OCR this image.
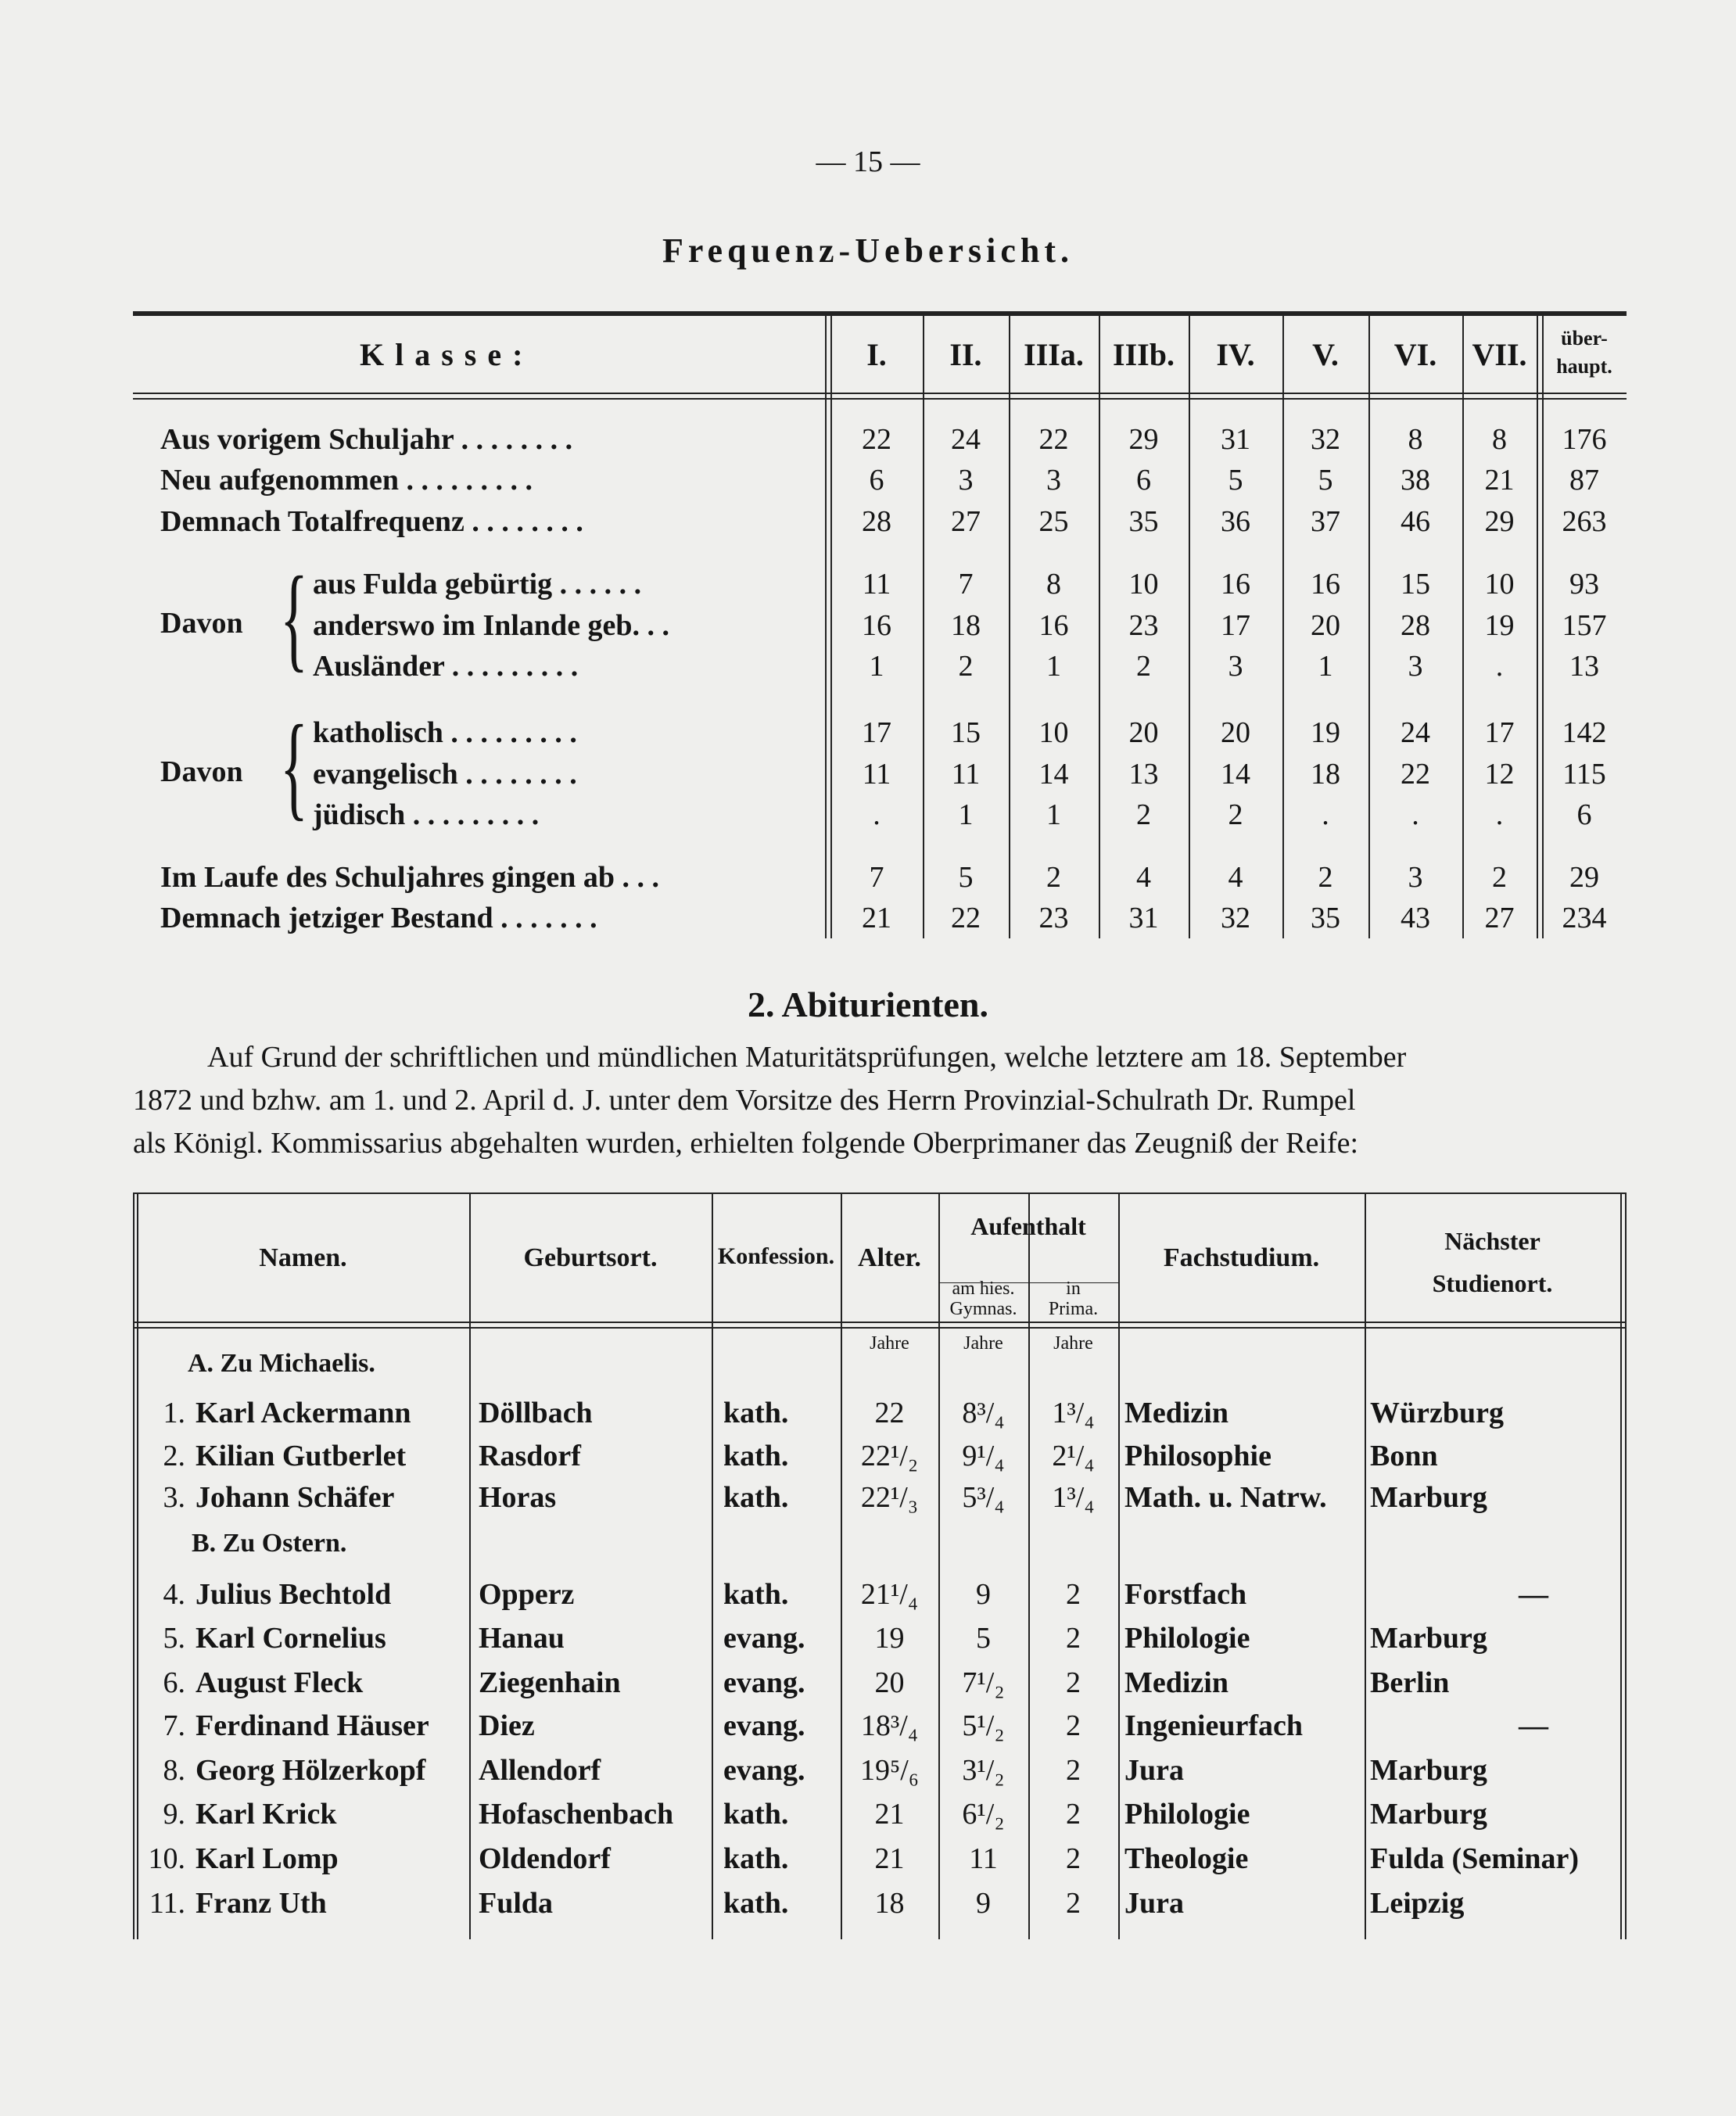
— 15 —
Frequenz-Uebersicht.
Klasse:
Davon {
Davon {
I.	II.	IIIa. IIIb.	IV.	V.	VI.	VII.	über-
haupt.
Aus vorigem Schuljahr . . . . . . . .	22	24	22	29	31	32	8	8	176
Neu aufgenommen . . . . . . . . .	6	3	3	6	5	5	38	21	87
Demnach Totalfrequenz . . . . . . . .	28	27	25	35	36	37	46	29	263
aus Fulda gebürtig . . . . . .	11	7	8	10	16	16	15	10	93
anderswo im Inlande geb. . .	16	18	16	23	17	20	28	19	157
Ausländer . . . . . . . . .	1	2	1	2	3	1	3	.	13
katholisch . . . . . . . . .	17	15	10	20	20	19	24	17	142
evangelisch . . . . . . . .	11	11	14	13	14	18	22	12	115
jüdisch . . . . . . . . .	.	1	1	2	2	.	.	.	6
Im Laufe des Schuljahres gingen ab . . .	7	5	2	4	4	2	3	2	29
Demnach jetziger Bestand . . . . . . .	21	22	23	31	32	35	43	27	234
2. Abiturienten.
Auf Grund der schriftlichen und mündlichen Maturitätsprüfungen, welche letztere am 18. September
1872 und bzhw. am 1. und 2. April d. J. unter dem Vorsitze des Herrn Provinzial-Schulrath Dr. Rumpel
als Königl. Kommissarius abgehalten wurden, erhielten folgende Oberprimaner das Zeugniß der Reife:
Namen.	Geburtsort.	Konfession. Alter.
Aufenthalt
am hies.
Gymnas.
in
Prima.
Fachstudium.
Nächster
Studienort.
Jahre	Jahre	Jahre
A. Zu Michaelis.
B. Zu Ostern.
1. Karl Ackermann Döllbach	kath.	22	8³/₄	1³/₄	Medizin	Würzburg
2. Kilian Gutberlet Rasdorf	kath.	22¹/₂	9¹/₄	2¹/₄	Philosophie	Bonn
3. Johann Schäfer	Horas	kath.	22¹/₃	5³/₄	1³/₄	Math. u. Natrw. Marburg
4. Julius Bechtold	Opperz	kath.	21¹/₄	9	2	Forstfach	—
5. Karl Cornelius	Hanau	evang.	19	5	2	Philologie	Marburg
6. August Fleck	Ziegenhain	evang.	20	7¹/₂	2	Medizin	Berlin
7. Ferdinand Häuser Diez	evang.	18³/₄	5¹/₂	2	Ingenieurfach	—
8. Georg Hölzerkopf Allendorf	evang.	19⁵/₆	3¹/₂	2	Jura	Marburg
9. Karl Krick	Hofaschenbach kath.	21	6¹/₂	2	Philologie	Marburg
10. Karl Lomp	Oldendorf	kath.	21	11	2	Theologie	Fulda (Seminar)
11. Franz Uth	Fulda	kath.	18	9	2	Jura	Leipzig
